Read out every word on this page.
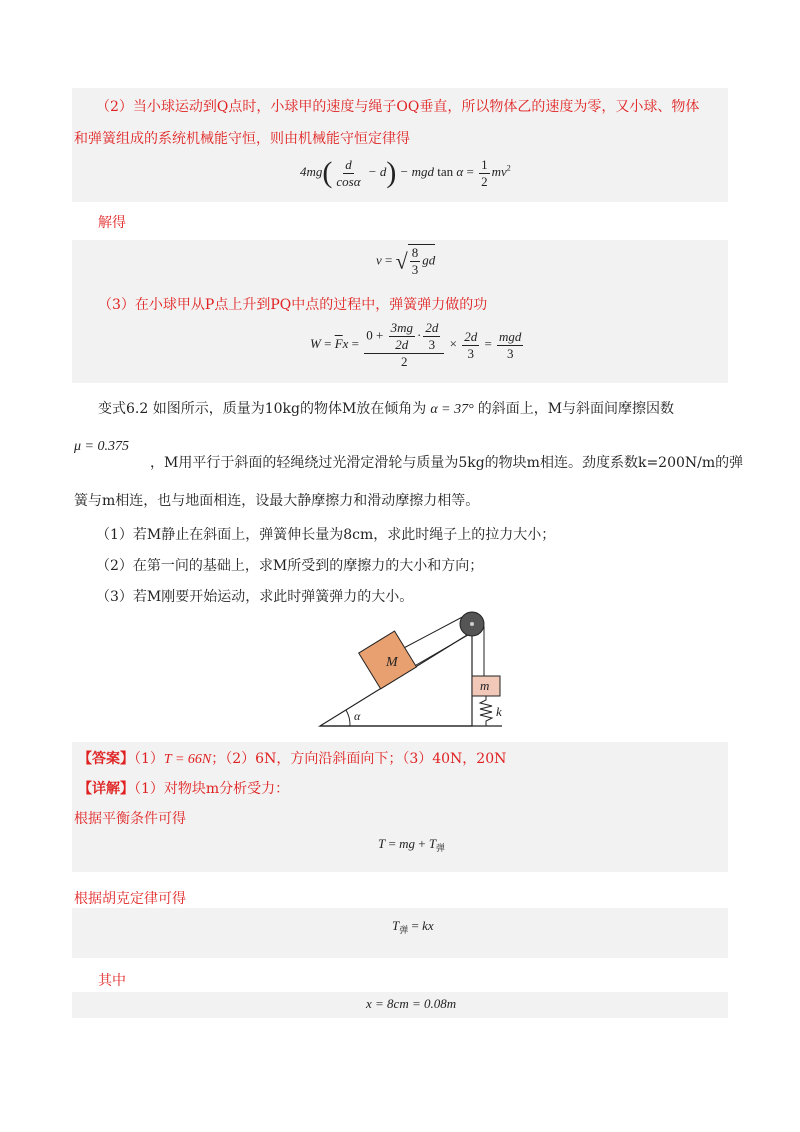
（2）当小球运动到Q点时，小球甲的速度与绳子OQ垂直，所以物体乙的速度为零，又小球、物体
和弹簧组成的系统机械能守恒，则由机械能守恒定律得
$4mg( \frac{d}{\cos\alpha} - d)$ − mgd $\tan \alpha = \frac{1}{2} mv^2$
解得
v = √ $\frac{8}{3}$ gd
（3）在小球甲从P点上升到PQ中点的过程中，弹簧弹力做的功
$W = \overline{F}x = \frac{0 + \frac{3mg}{2d} \cdot \frac{2d}{3}}{2} \times \frac{2d}{3} = \frac{\text{mgd}}{3}$
变式6.2 如图所示，质量为10kg的物体M放在倾角为 α = 37° 的斜面上，M与斜面间摩擦因数
μ = 0.375
，M用平行于斜面的轻绳绕过光滑定滑轮与质量为5kg的物块m相连。劲度系数k=200N/m的弹
簧与m相连，也与地面相连，设最大静摩擦力和滑动摩擦力相等。
（1）若M静止在斜面上，弹簧伸长量为8cm，求此时绳子上的拉力大小；
（2）在第一问的基础上，求M所受到的摩擦力的大小和方向；
（3）若M刚要开始运动，求此时弹簧弹力的大小。
M
m
k
α
【答案】（1）T = 66N；（2）6N，方向沿斜面向下；（3）40N，20N
【详解】（1）对物块m分析受力：
根据平衡条件可得
T = mg + $T_弹$
根据胡克定律可得
$T_弹$ = kx
其中
x = 8cm = 0.08m
